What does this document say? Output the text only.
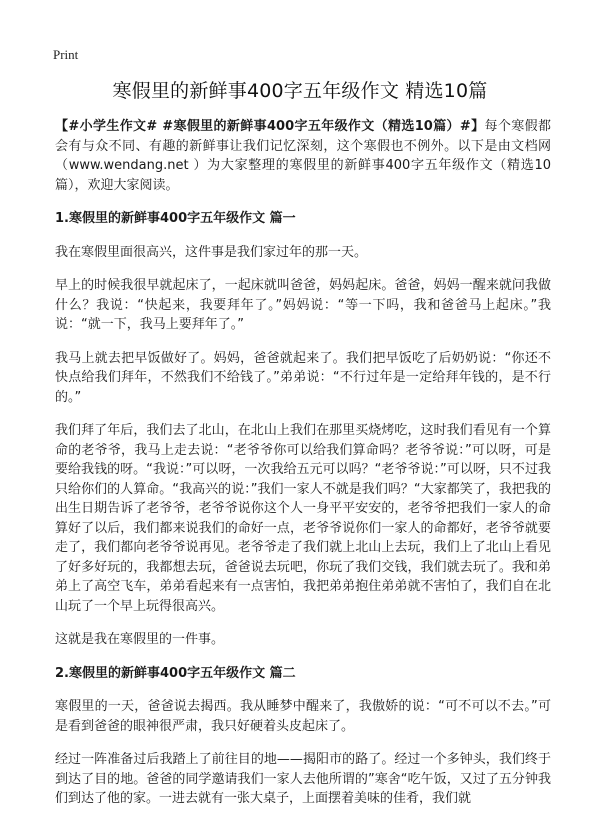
Print
寒假里的新鲜事400字五年级作文 精选10篇

【#小学生作文# #寒假里的新鲜事400字五年级作文（精选10篇）#】每个寒假都会有与众不同、有趣的新鲜事让我们记忆深刻，这个寒假也不例外。以下是由文档网（www.wendang.net ）为大家整理的寒假里的新鲜事400字五年级作文（精选10篇），欢迎大家阅读。

1.寒假里的新鲜事400字五年级作文 篇一

我在寒假里面很高兴，这件事是我们家过年的那一天。

早上的时候我很早就起床了，一起床就叫爸爸，妈妈起床。爸爸，妈妈一醒来就问我做什么？我说：“快起来，我要拜年了。”妈妈说：“等一下吗，我和爸爸马上起床。”我说：“就一下，我马上要拜年了。”

我马上就去把早饭做好了。妈妈，爸爸就起来了。我们把早饭吃了后奶奶说：“你还不快点给我们拜年，不然我们不给钱了。”弟弟说：“不行过年是一定给拜年钱的，是不行的。”

我们拜了年后，我们去了北山，在北山上我们在那里买烧烤吃，这时我们看见有一个算命的老爷爷，我马上走去说：“老爷爷你可以给我们算命吗？老爷爷说：”可以呀，可是要给我钱的呀。“我说：”可以呀，一次我给五元可以吗？“老爷爷说：”可以呀，只不过我只给你们的人算命。“我高兴的说：”我们一家人不就是我们吗？“大家都笑了，我把我的出生日期告诉了老爷爷，老爷爷说你这个人一身平平安安的，老爷爷把我们一家人的命算好了以后，我们都来说我们的命好一点，老爷爷说你们一家人的命都好，老爷爷就要走了，我们都向老爷爷说再见。老爷爷走了我们就上北山上去玩，我们上了北山上看见了好多好玩的，我都想去玩，爸爸说去玩吧，你玩了我们交钱，我们就去玩了。我和弟弟上了高空飞车，弟弟看起来有一点害怕，我把弟弟抱住弟弟就不害怕了，我们自在北山玩了一个早上玩得很高兴。

这就是我在寒假里的一件事。

2.寒假里的新鲜事400字五年级作文 篇二

寒假里的一天，爸爸说去揭西。我从睡梦中醒来了，我傲娇的说：“可不可以不去。”可是看到爸爸的眼神很严肃，我只好硬着头皮起床了。

经过一阵准备过后我踏上了前往目的地——揭阳市的路了。经过一个多钟头，我们终于到达了目的地。爸爸的同学邀请我们一家人去他所谓的”寒舍“吃午饭，又过了五分钟我们到达了他的家。一进去就有一张大桌子，上面摆着美味的佳肴，我们就
